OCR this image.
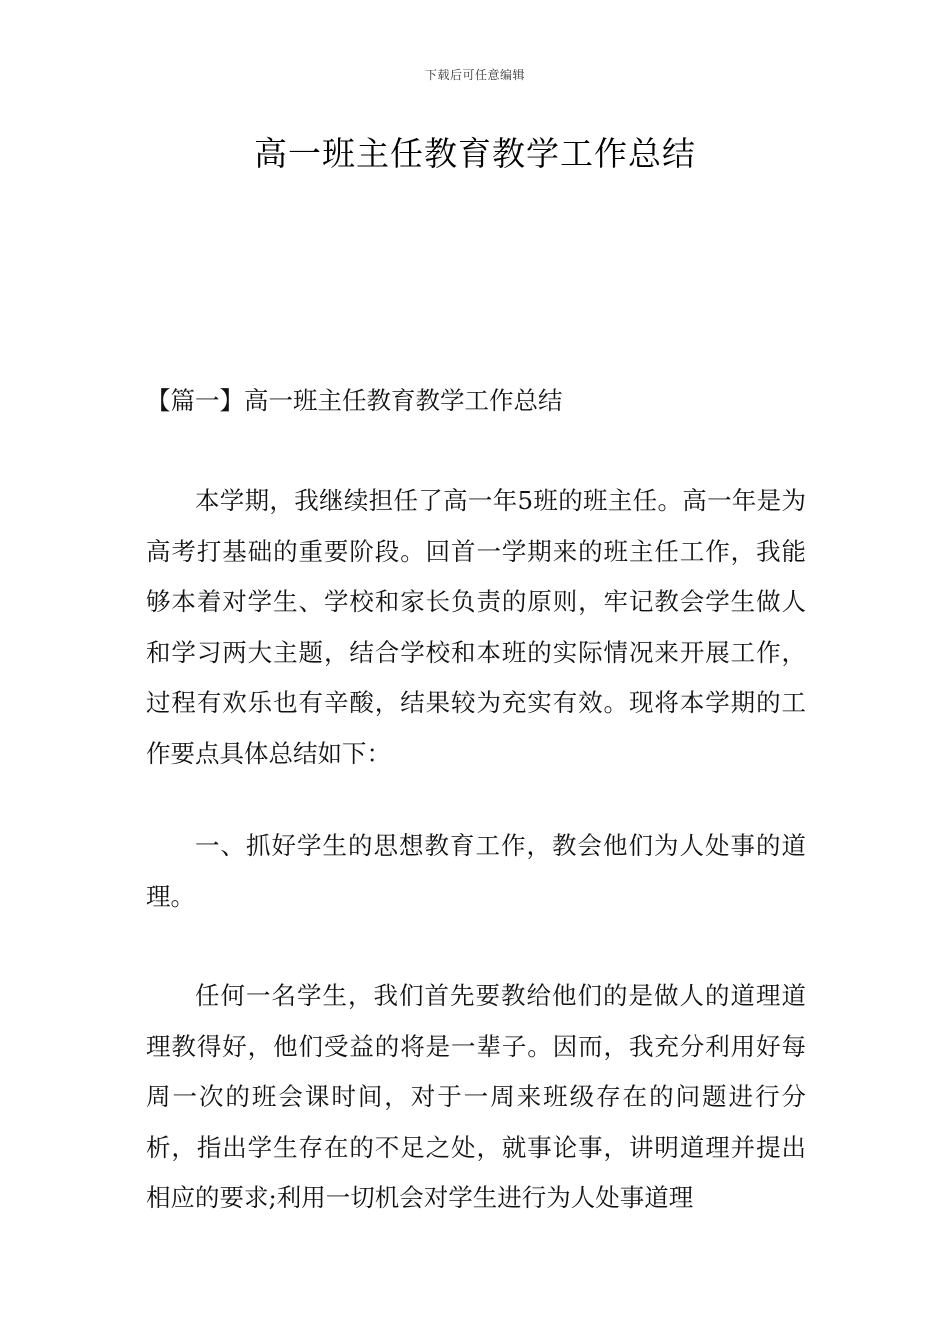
下载后可任意编辑
高一班主任教育教学工作总结

【篇一】高一班主任教育教学工作总结

本学期，我继续担任了高一年5班的班主任。高一年是为高考打基础的重要阶段。回首一学期来的班主任工作，我能够本着对学生、学校和家长负责的原则，牢记教会学生做人和学习两大主题，结合学校和本班的实际情况来开展工作，过程有欢乐也有辛酸，结果较为充实有效。现将本学期的工作要点具体总结如下：

一、抓好学生的思想教育工作，教会他们为人处事的道理。

任何一名学生，我们首先要教给他们的是做人的道理道理教得好，他们受益的将是一辈子。因而，我充分利用好每周一次的班会课时间，对于一周来班级存在的问题进行分析，指出学生存在的不足之处，就事论事，讲明道理并提出相应的要求;利用一切机会对学生进行为人处事道理
